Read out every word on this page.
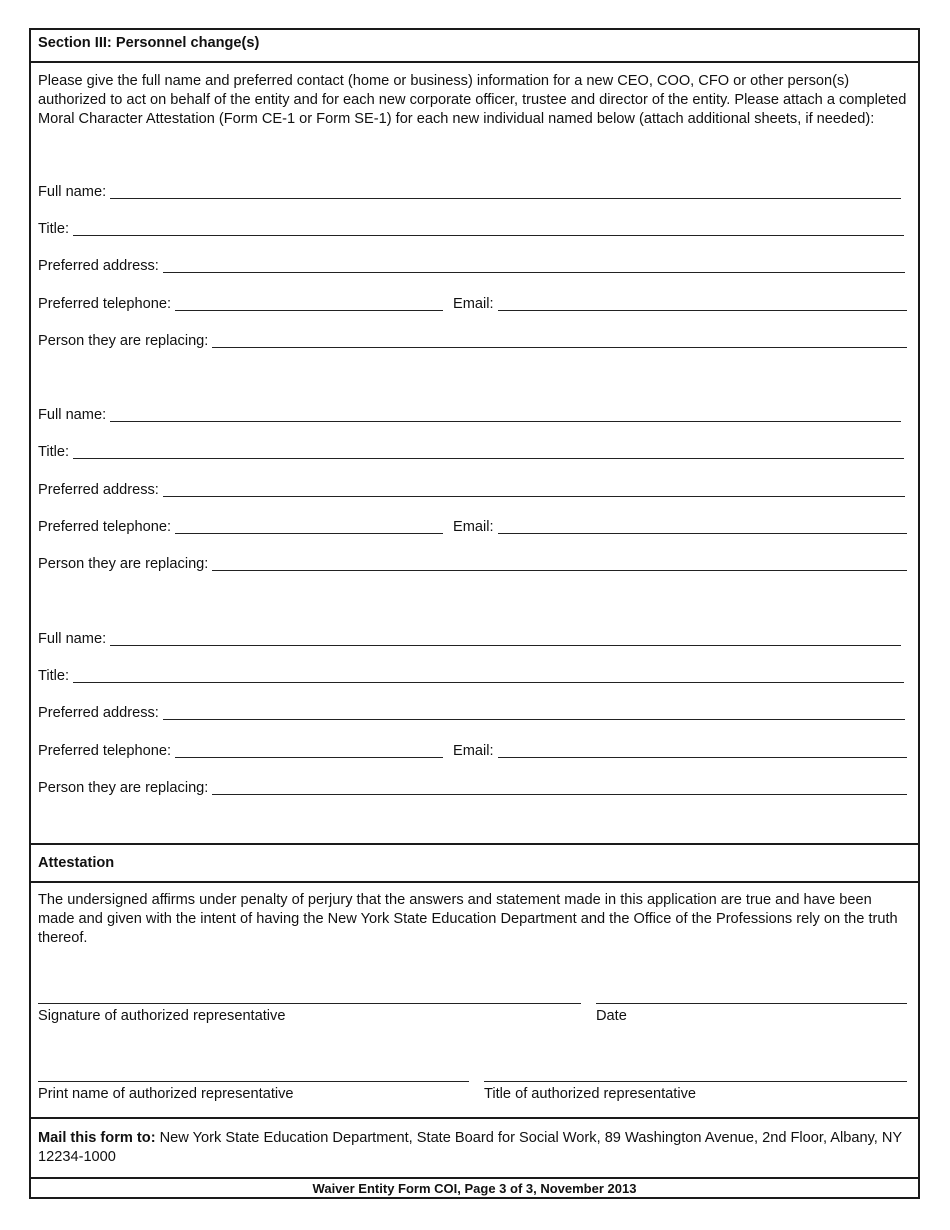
Section III: Personnel change(s)
Please give the full name and preferred contact (home or business) information for a new CEO, COO, CFO or other person(s) authorized to act on behalf of the entity and for each new corporate officer, trustee and director of the entity. Please attach a completed Moral Character Attestation (Form CE-1 or Form SE-1) for each new individual named below (attach additional sheets, if needed):
Full name:
Title:
Preferred address:
Preferred telephone:	Email:
Person they are replacing:
Full name:
Title:
Preferred address:
Preferred telephone:	Email:
Person they are replacing:
Full name:
Title:
Preferred address:
Preferred telephone:	Email:
Person they are replacing:
Attestation
The undersigned affirms under penalty of perjury that the answers and statement made in this application are true and have been made and given with the intent of having the New York State Education Department and the Office of the Professions rely on the truth thereof.
Signature of authorized representative	Date
Print name of authorized representative	Title of authorized representative
Mail this form to: New York State Education Department, State Board for Social Work, 89 Washington Avenue, 2nd Floor, Albany, NY 12234-1000
Waiver Entity Form COI, Page 3 of 3, November 2013
